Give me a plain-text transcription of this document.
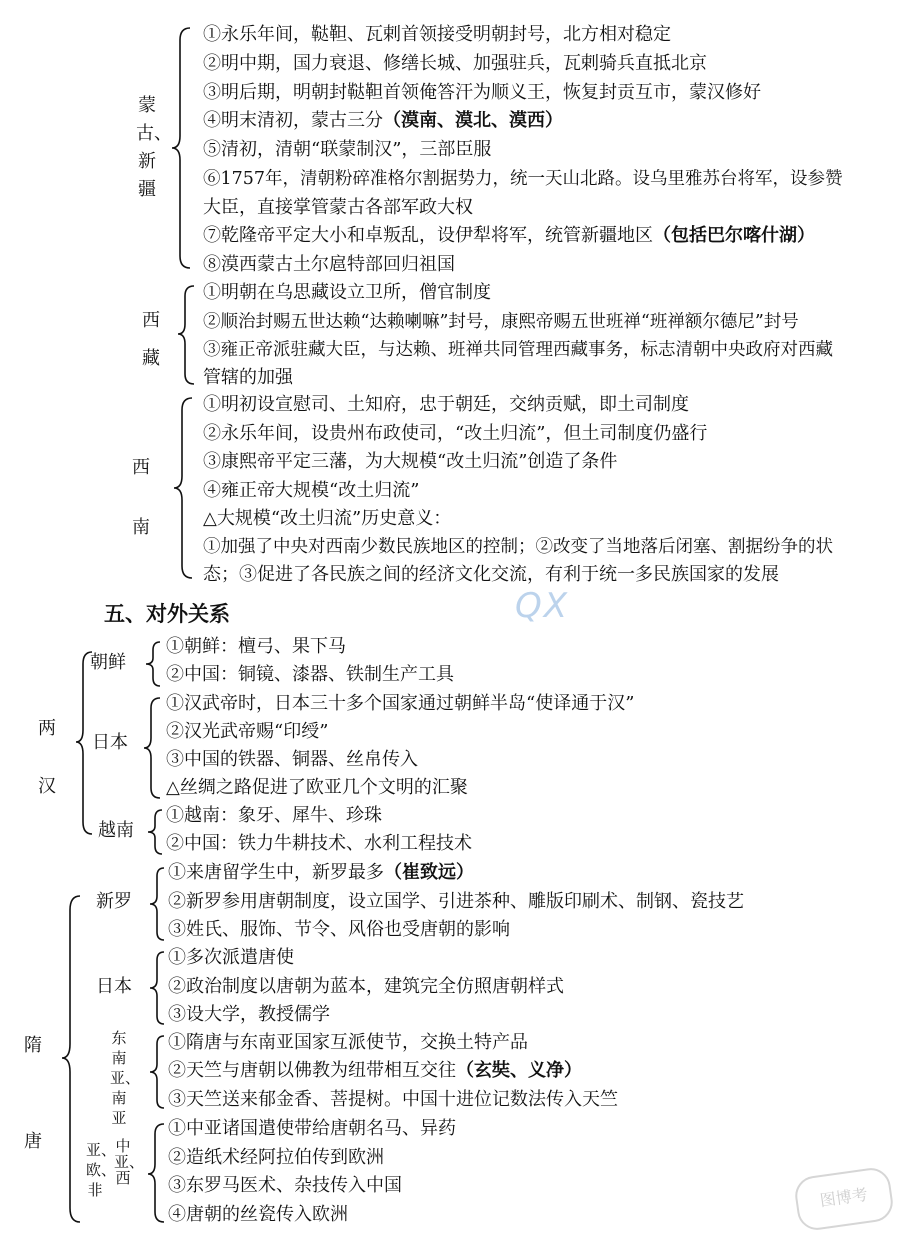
蒙古、新疆
①永乐年间，鞑靼、瓦剌首领接受明朝封号，北方相对稳定
②明中期，国力衰退、修缮长城、加强驻兵，瓦剌骑兵直抵北京
③明后期，明朝封鞑靼首领俺答汗为顺义王，恢复封贡互市，蒙汉修好
④明末清初，蒙古三分（漠南、漠北、漠西）
⑤清初，清朝“联蒙制汉”，三部臣服
⑥1757年，清朝粉碎准格尔割据势力，统一天山北路。设乌里雅苏台将军，设参赞
大臣，直接掌管蒙古各部军政大权
⑦乾隆帝平定大小和卓叛乱，设伊犁将军，统管新疆地区（包括巴尔喀什湖）
⑧漠西蒙古土尔扈特部回归祖国
西藏
①明朝在乌思藏设立卫所，僧官制度
②顺治封赐五世达赖“达赖喇嘛”封号，康熙帝赐五世班禅“班禅额尔德尼”封号
③雍正帝派驻藏大臣，与达赖、班禅共同管理西藏事务，标志清朝中央政府对西藏
管辖的加强
西南
①明初设宣慰司、土知府，忠于朝廷，交纳贡赋，即土司制度
②永乐年间，设贵州布政使司，“改土归流”，但土司制度仍盛行
③康熙帝平定三藩，为大规模“改土归流”创造了条件
④雍正帝大规模“改土归流”
△大规模“改土归流”历史意义：
①加强了中央对西南少数民族地区的控制；②改变了当地落后闭塞、割据纷争的状
态；③促进了各民族之间的经济文化交流，有利于统一多民族国家的发展
五、对外关系	QX
两汉
朝鲜
①朝鲜：檀弓、果下马
②中国：铜镜、漆器、铁制生产工具
日本
①汉武帝时，日本三十多个国家通过朝鲜半岛“使译通于汉”
②汉光武帝赐“印绶”
③中国的铁器、铜器、丝帛传入
△丝绸之路促进了欧亚几个文明的汇聚
越南
①越南：象牙、犀牛、珍珠
②中国：铁力牛耕技术、水利工程技术
隋唐
新罗
①来唐留学生中，新罗最多（崔致远）
②新罗参用唐朝制度，设立国学、引进茶种、雕版印刷术、制钢、瓷技艺
③姓氏、服饰、节令、风俗也受唐朝的影响
日本
①多次派遣唐使
②政治制度以唐朝为蓝本，建筑完全仿照唐朝样式
③设大学，教授儒学
东南亚、南亚
①隋唐与东南亚国家互派使节，交换土特产品
②天竺与唐朝以佛教为纽带相互交往（玄奘、义净）
③天竺送来郁金香、菩提树。中国十进位记数法传入天竺
亚、欧、非
中亚、西
①中亚诸国遣使带给唐朝名马、异药
②造纸术经阿拉伯传到欧洲
③东罗马医术、杂技传入中国
④唐朝的丝瓷传入欧洲
图博考
